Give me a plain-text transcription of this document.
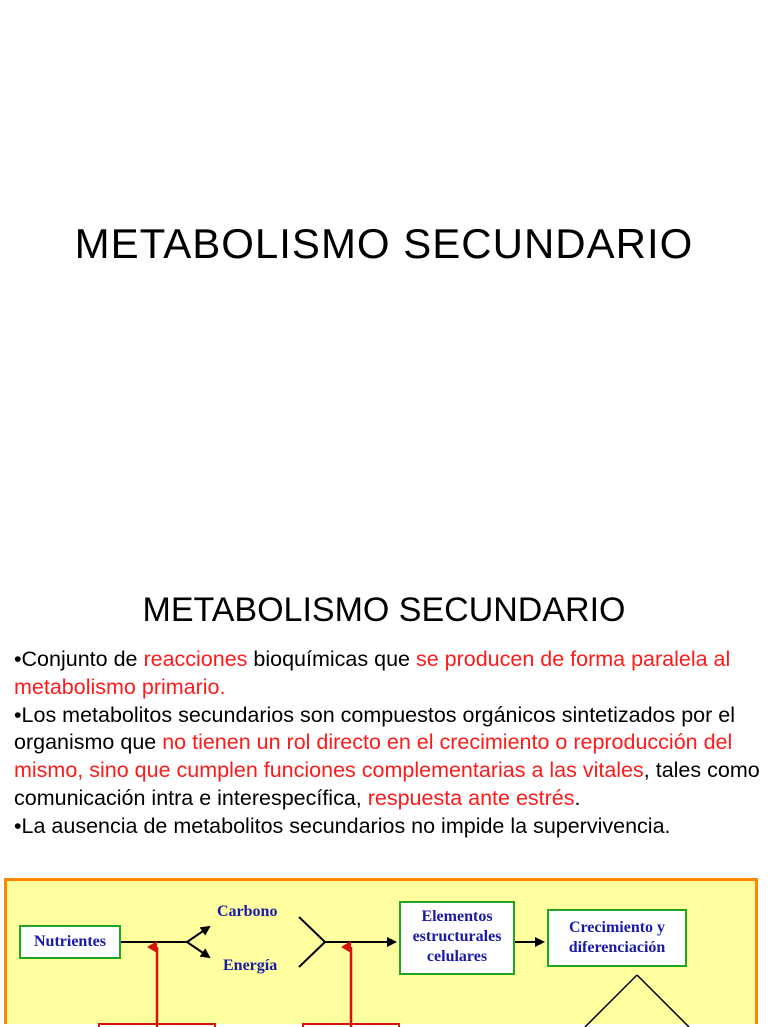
METABOLISMO SECUNDARIO
METABOLISMO SECUNDARIO

•Conjunto de reacciones bioquímicas que se producen de forma paralela al metabolismo primario.

•Los metabolitos secundarios son compuestos orgánicos sintetizados por el organismo que no tienen un rol directo en el crecimiento o reproducción del mismo, sino que cumplen funciones complementarias a las vitales, tales como comunicación intra e interespecífica, respuesta ante estrés.

•La ausencia de metabolitos secundarios no impide la supervivencia.

Nutrientes
Carbono
Energía
Elementos
estructurales
celulares
Crecimiento y
diferenciación
